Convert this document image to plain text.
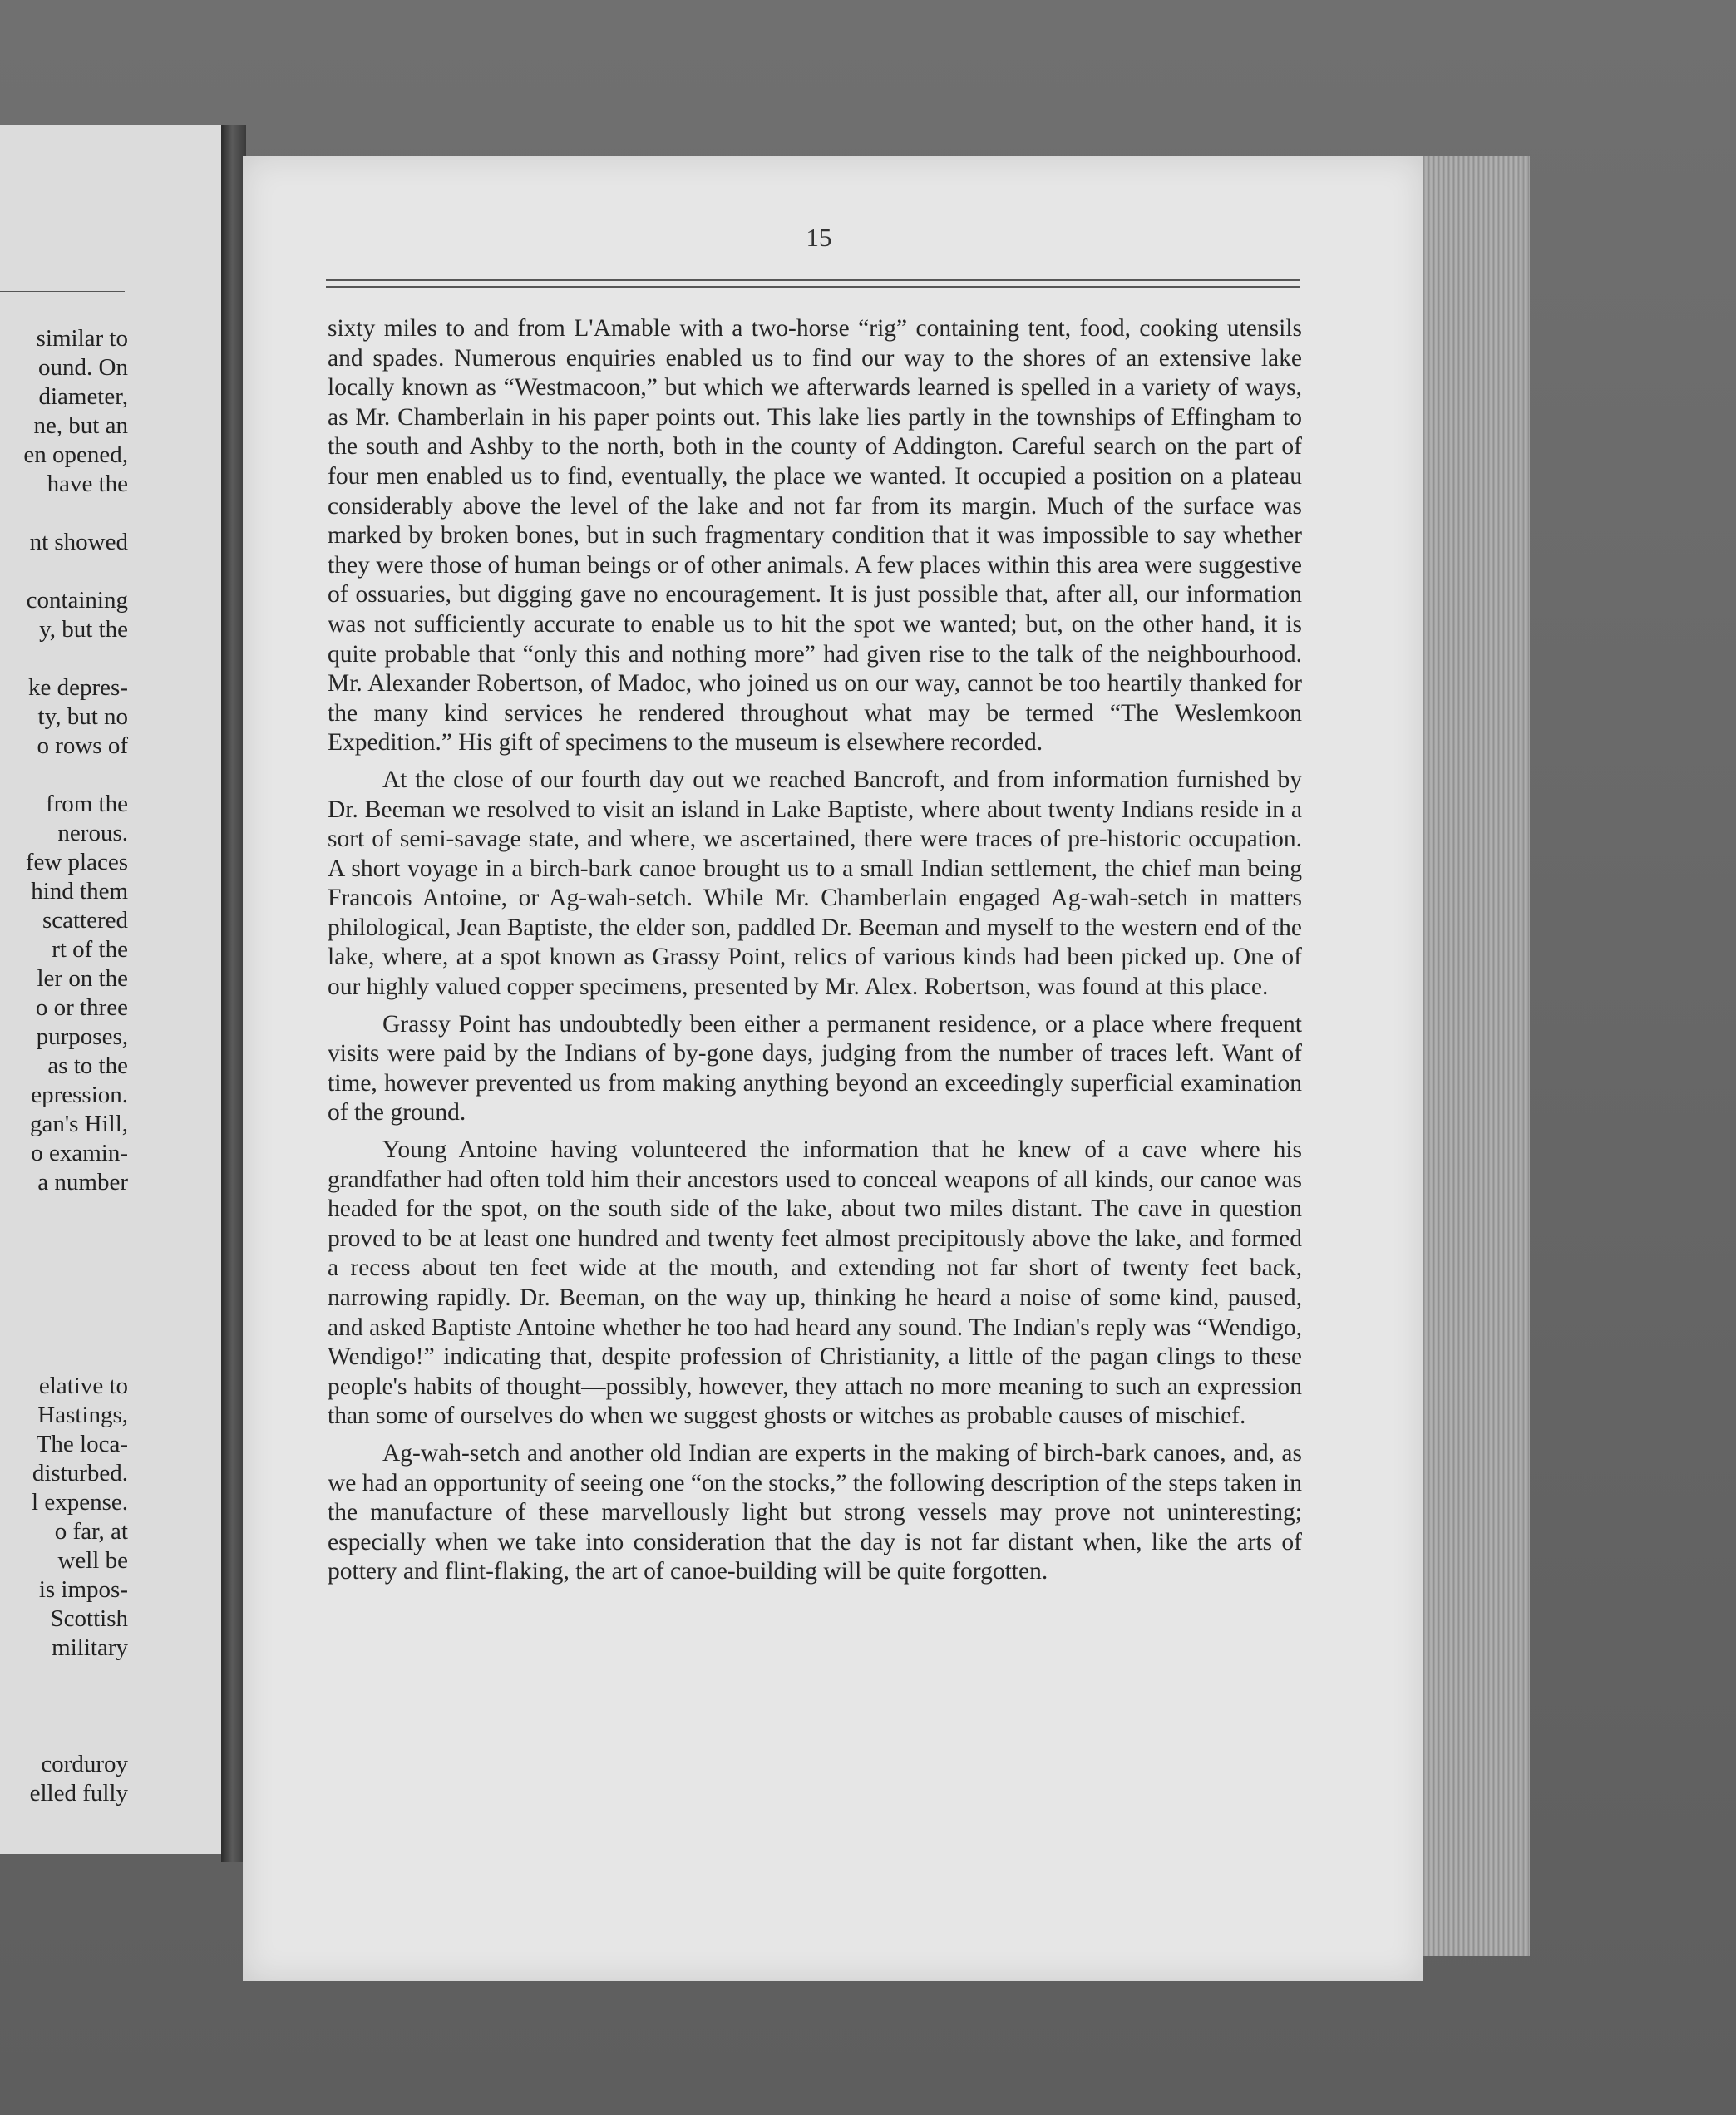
similar to
ound. On
diameter,
ne, but an
en opened,
have the
nt showed
containing
y, but the
ke depres-
ty, but no
o rows of
from the
nerous.
few places
hind them
scattered
rt of the
ler on the
o or three
purposes,
as to the
epression.
gan's Hill,
o examin-
a number
elative to
Hastings,
The loca-
disturbed.
l expense.
o far, at
well be
is impos-
Scottish
military
corduroy
elled fully
15

sixty miles to and from L'Amable with a two-horse “rig” containing tent, food, cooking utensils and spades. Numerous enquiries enabled us to find our way to the shores of an extensive lake locally known as “Westmacoon,” but which we afterwards learned is spelled in a variety of ways, as Mr. Chamberlain in his paper points out. This lake lies partly in the townships of Effingham to the south and Ashby to the north, both in the county of Addington. Careful search on the part of four men enabled us to find, eventually, the place we wanted. It occupied a position on a plateau considerably above the level of the lake and not far from its margin. Much of the surface was marked by broken bones, but in such fragmentary condition that it was impossible to say whether they were those of human beings or of other animals. A few places within this area were suggestive of ossuaries, but digging gave no encouragement. It is just possible that, after all, our information was not sufficiently accurate to enable us to hit the spot we wanted; but, on the other hand, it is quite probable that “only this and nothing more” had given rise to the talk of the neighbourhood. Mr. Alexander Robertson, of Madoc, who joined us on our way, cannot be too heartily thanked for the many kind services he rendered throughout what may be termed “The Weslemkoon Expedition.” His gift of specimens to the museum is elsewhere recorded.

At the close of our fourth day out we reached Bancroft, and from information furnished by Dr. Beeman we resolved to visit an island in Lake Baptiste, where about twenty Indians reside in a sort of semi-savage state, and where, we ascertained, there were traces of pre-historic occupation. A short voyage in a birch-bark canoe brought us to a small Indian settlement, the chief man being Francois Antoine, or Ag-wah-setch. While Mr. Chamberlain engaged Ag-wah-setch in matters philological, Jean Baptiste, the elder son, paddled Dr. Beeman and myself to the western end of the lake, where, at a spot known as Grassy Point, relics of various kinds had been picked up. One of our highly valued copper specimens, presented by Mr. Alex. Robertson, was found at this place.

Grassy Point has undoubtedly been either a permanent residence, or a place where frequent visits were paid by the Indians of by-gone days, judging from the number of traces left. Want of time, however prevented us from making anything beyond an exceedingly superficial examination of the ground.

Young Antoine having volunteered the information that he knew of a cave where his grandfather had often told him their ancestors used to conceal weapons of all kinds, our canoe was headed for the spot, on the south side of the lake, about two miles distant. The cave in question proved to be at least one hundred and twenty feet almost precipitously above the lake, and formed a recess about ten feet wide at the mouth, and extending not far short of twenty feet back, narrowing rapidly. Dr. Beeman, on the way up, thinking he heard a noise of some kind, paused, and asked Baptiste Antoine whether he too had heard any sound. The Indian's reply was “Wendigo, Wendigo!” indicating that, despite profession of Christianity, a little of the pagan clings to these people's habits of thought—possibly, however, they attach no more meaning to such an expression than some of ourselves do when we suggest ghosts or witches as probable causes of mischief.

Ag-wah-setch and another old Indian are experts in the making of birch-bark canoes, and, as we had an opportunity of seeing one “on the stocks,” the following description of the steps taken in the manufacture of these marvellously light but strong vessels may prove not uninteresting; especially when we take into consideration that the day is not far distant when, like the arts of pottery and flint-flaking, the art of canoe-building will be quite forgotten.
